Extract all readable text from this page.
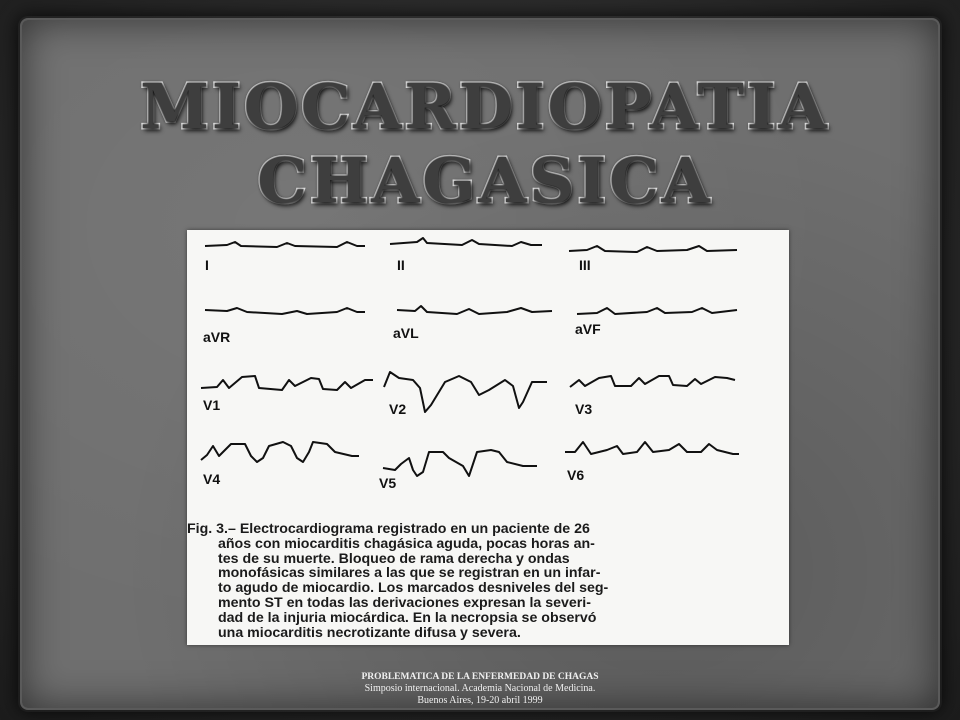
MIOCARDIOPATIA
CHAGASICA
I	II	III
aVR	aVL	aVF
V1	V2	V3
V4	V5	V6
Fig. 3.– Electrocardiograma registrado en un paciente de 26
años con miocarditis chagásica aguda, pocas horas an-
tes de su muerte. Bloqueo de rama derecha y ondas
monofásicas similares a las que se registran en un infar-
to agudo de miocardio. Los marcados desniveles del seg-
mento ST en todas las derivaciones expresan la severi-
dad de la injuria miocárdica. En la necropsia se observó
una miocarditis necrotizante difusa y severa.
PROBLEMATICA DE LA ENFERMEDAD DE CHAGAS
Simposio internacional. Academia Nacional de Medicina.
Buenos Aires, 19-20 abril 1999
